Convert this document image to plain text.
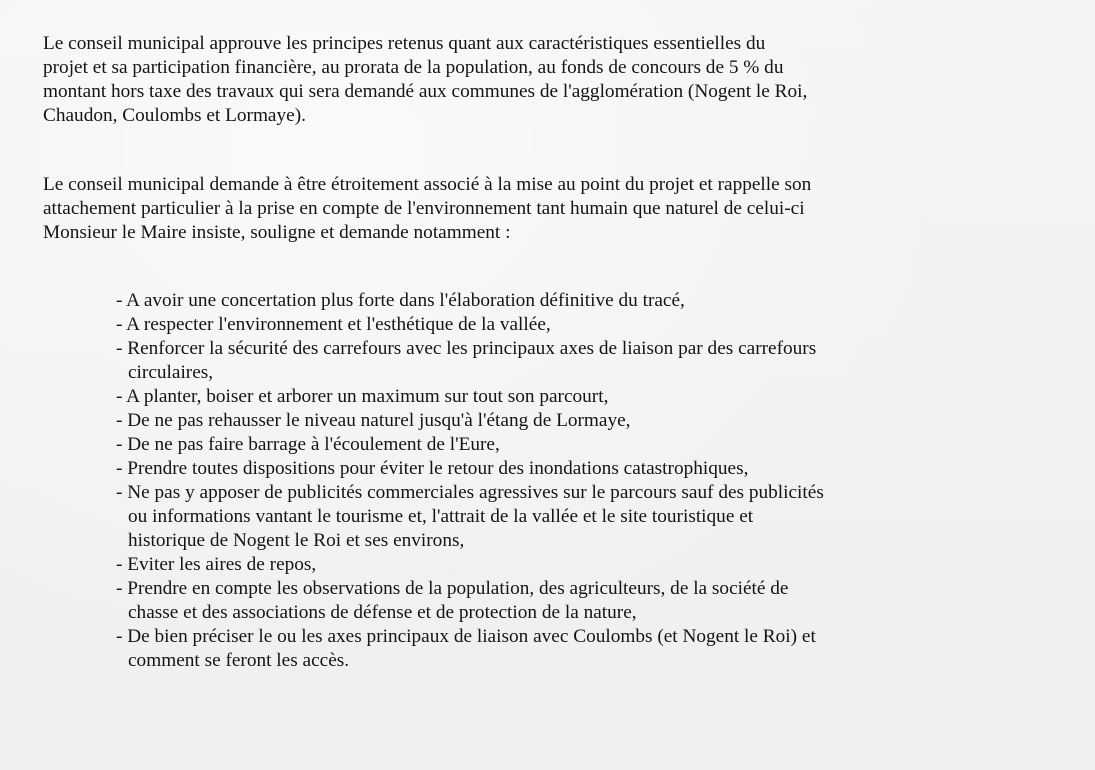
Le conseil municipal approuve les principes retenus quant aux caractéristiques essentielles du
projet et sa participation financière, au prorata de la population, au fonds de concours de 5 % du
montant hors taxe des travaux qui sera demandé aux communes de l'agglomération (Nogent le Roi,
Chaudon, Coulombs et Lormaye).

Le conseil municipal demande à être étroitement associé à la mise au point du projet et rappelle son
attachement particulier à la prise en compte de l'environnement tant humain que naturel de celui-ci
Monsieur le Maire insiste, souligne et demande notamment :

- A avoir une concertation plus forte dans l'élaboration définitive du tracé,
- A respecter l'environnement et l'esthétique de la vallée,
- Renforcer la sécurité des carrefours avec les principaux axes de liaison par des carrefours
circulaires,
- A planter, boiser et arborer un maximum sur tout son parcourt,
- De ne pas rehausser le niveau naturel jusqu'à l'étang de Lormaye,
- De ne pas faire barrage à l'écoulement de l'Eure,
- Prendre toutes dispositions pour éviter le retour des inondations catastrophiques,
- Ne pas y apposer de publicités commerciales agressives sur le parcours sauf des publicités
ou informations vantant le tourisme et, l'attrait de la vallée et le site touristique et
historique de Nogent le Roi et ses environs,
- Eviter les aires de repos,
- Prendre en compte les observations de la population, des agriculteurs, de la société de
chasse et des associations de défense et de protection de la nature,
- De bien préciser le ou les axes principaux de liaison avec Coulombs (et Nogent le Roi) et
comment se feront les accès.
